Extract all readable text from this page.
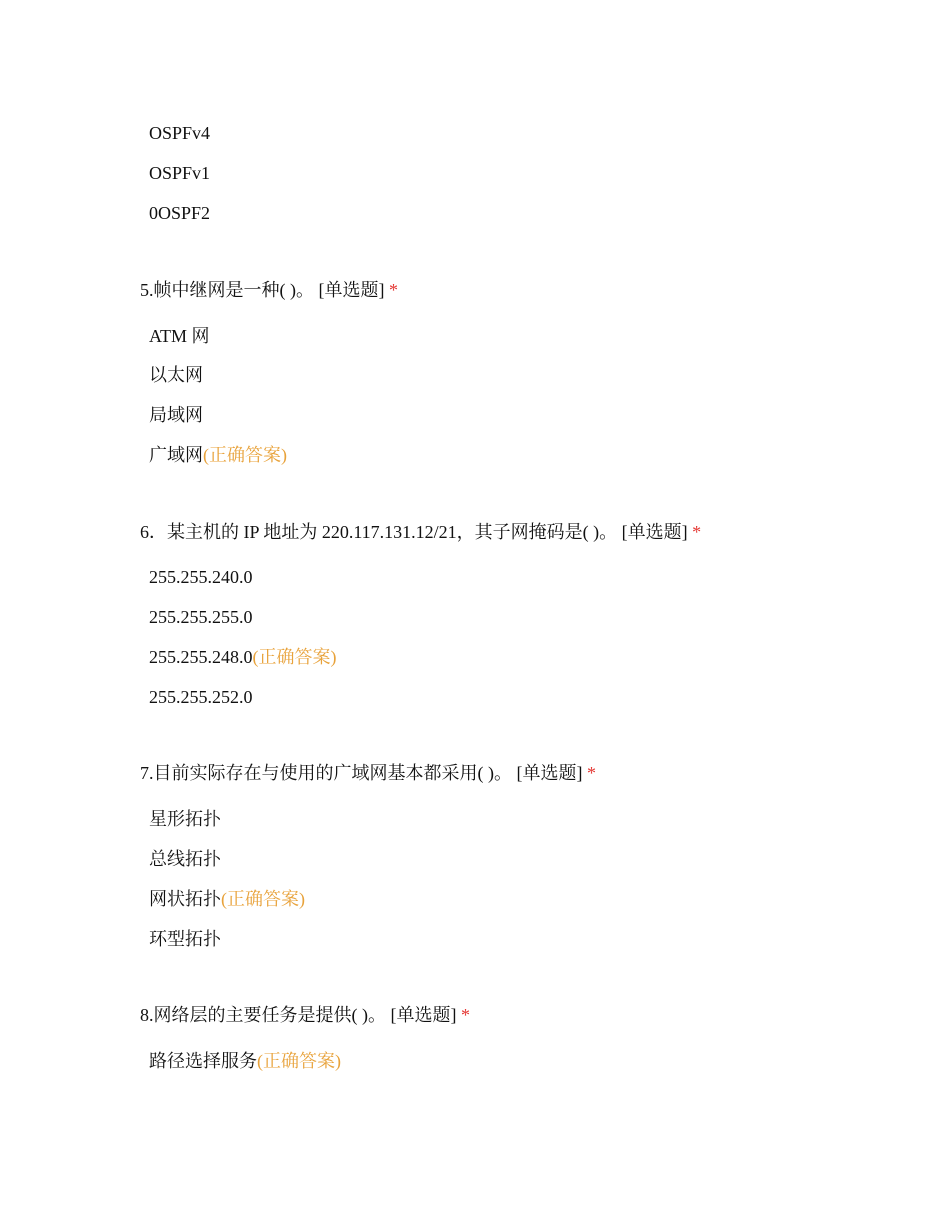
OSPFv4
OSPFv1
0OSPF2
5.帧中继网是一种( )。 [单选题] *
ATM 网
以太网
局域网
广域网(正确答案)
6．某主机的 IP 地址为 220.117.131.12/21，其子网掩码是( )。 [单选题] *
255.255.240.0
255.255.255.0
255.255.248.0(正确答案)
255.255.252.0
7.目前实际存在与使用的广域网基本都采用( )。 [单选题] *
星形拓扑
总线拓扑
网状拓扑(正确答案)
环型拓扑
8.网络层的主要任务是提供( )。 [单选题] *
路径选择服务(正确答案)
